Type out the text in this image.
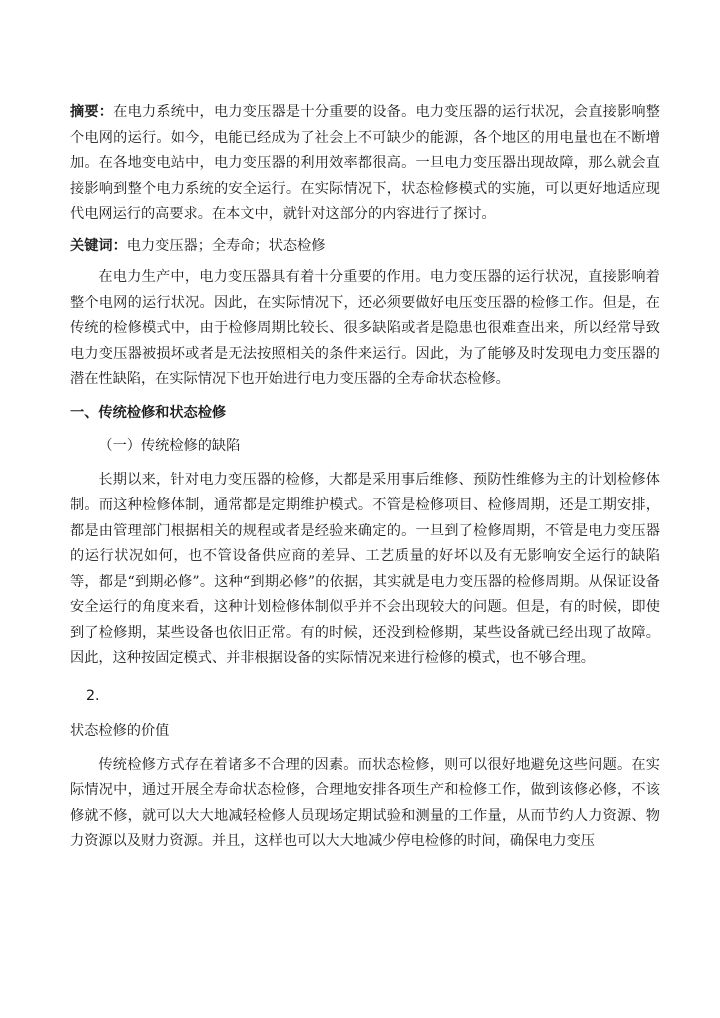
摘要：在电力系统中，电力变压器是十分重要的设备。电力变压器的运行状况，会直接影响整个电网的运行。如今，电能已经成为了社会上不可缺少的能源，各个地区的用电量也在不断增加。在各地变电站中，电力变压器的利用效率都很高。一旦电力变压器出现故障，那么就会直接影响到整个电力系统的安全运行。在实际情况下，状态检修模式的实施，可以更好地适应现代电网运行的高要求。在本文中，就针对这部分的内容进行了探讨。

关键词：电力变压器；全寿命；状态检修

在电力生产中，电力变压器具有着十分重要的作用。电力变压器的运行状况，直接影响着整个电网的运行状况。因此，在实际情况下，还必须要做好电压变压器的检修工作。但是，在传统的检修模式中，由于检修周期比较长、很多缺陷或者是隐患也很难查出来，所以经常导致电力变压器被损坏或者是无法按照相关的条件来运行。因此，为了能够及时发现电力变压器的潜在性缺陷，在实际情况下也开始进行电力变压器的全寿命状态检修。

一、传统检修和状态检修

（一）传统检修的缺陷

长期以来，针对电力变压器的检修，大都是采用事后维修、预防性维修为主的计划检修体制。而这种检修体制，通常都是定期维护模式。不管是检修项目、检修周期，还是工期安排，都是由管理部门根据相关的规程或者是经验来确定的。一旦到了检修周期，不管是电力变压器的运行状况如何，也不管设备供应商的差异、工艺质量的好坏以及有无影响安全运行的缺陷等，都是“到期必修”。这种“到期必修”的依据，其实就是电力变压器的检修周期。从保证设备安全运行的角度来看，这种计划检修体制似乎并不会出现较大的问题。但是，有的时候，即使到了检修期，某些设备也依旧正常。有的时候，还没到检修期，某些设备就已经出现了故障。因此，这种按固定模式、并非根据设备的实际情况来进行检修的模式，也不够合理。

2.

状态检修的价值

传统检修方式存在着诸多不合理的因素。而状态检修，则可以很好地避免这些问题。在实际情况中，通过开展全寿命状态检修，合理地安排各项生产和检修工作，做到该修必修，不该修就不修，就可以大大地减轻检修人员现场定期试验和测量的工作量，从而节约人力资源、物力资源以及财力资源。并且，这样也可以大大地减少停电检修的时间，确保电力变压
